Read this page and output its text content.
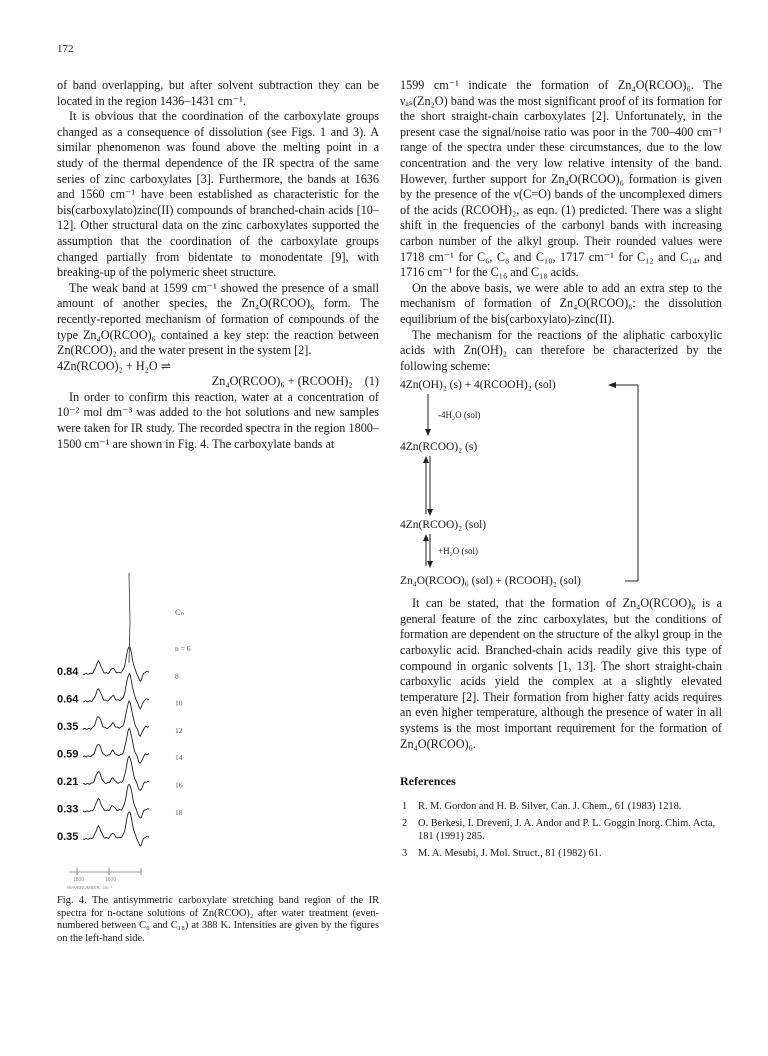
172

of band overlapping, but after solvent subtraction they can be located in the region 1436–1431 cm⁻¹.

It is obvious that the coordination of the carboxylate groups changed as a consequence of dissolution (see Figs. 1 and 3). A similar phenomenon was found above the melting point in a study of the thermal dependence of the IR spectra of the same series of zinc carboxylates [3]. Furthermore, the bands at 1636 and 1560 cm⁻¹ have been established as characteristic for the bis(carboxylato)zinc(II) compounds of branched-chain acids [10–12]. Other structural data on the zinc carboxylates supported the assumption that the coordination of the carboxylate groups changed partially from bidentate to monodentate [9], with breaking-up of the polymeric sheet structure.

The weak band at 1599 cm⁻¹ showed the presence of a small amount of another species, the Zn₄O(RCOO)₆ form. The recently-reported mechanism of formation of compounds of the type Zn₄O(RCOO)₆ contained a key step: the reaction between Zn(RCOO)₂ and the water present in the system [2].

4Zn(RCOO)₂ + H₂O ⇌

Zn₄O(RCOO)₆ + (RCOOH)₂ (1)

In order to confirm this reaction, water at a concentration of 10⁻² mol dm⁻³ was added to the hot solutions and new samples were taken for IR study. The recorded spectra in the region 1800–1500 cm⁻¹ are shown in Fig. 4. The carboxylate bands at

0.84
0.64
0.35
0.59
0.21
0.33
0.35
n = 6
8
10
12
14
16
18
Cₙ
1800	1600
WAVENUMBER, cm⁻¹
Fig. 4. The antisymmetric carboxylate stretching band region of the IR spectra for n-octane solutions of Zn(RCOO)₂ after water treatment (even-numbered between C₆ and C₁₈) at 388 K. Intensities are given by the figures on the left-hand side.

1599 cm⁻¹ indicate the formation of Zn₄O(RCOO)₆. The νₐₛ(Zn₂O) band was the most significant proof of its formation for the short straight-chain carboxylates [2]. Unfortunately, in the present case the signal/noise ratio was poor in the 700–400 cm⁻¹ range of the spectra under these circumstances, due to the low concentration and the very low relative intensity of the band. However, further support for Zn₄O(RCOO)₆ formation is given by the presence of the ν(C=O) bands of the uncomplexed dimers of the acids (RCOOH)₂, as eqn. (1) predicted. There was a slight shift in the frequencies of the carbonyl bands with increasing carbon number of the alkyl group. Their rounded values were 1718 cm⁻¹ for C₆, C₈ and C₁₀, 1717 cm⁻¹ for C₁₂ and C₁₄, and 1716 cm⁻¹ for the C₁₆ and C₁₈ acids.

On the above basis, we were able to add an extra step to the mechanism of formation of Zn₄O(RCOO)₆: the dissolution equilibrium of the bis(carboxylato)-zinc(II).

The mechanism for the reactions of the aliphatic carboxylic acids with Zn(OH)₂ can therefore be characterized by the following scheme:

4Zn(OH)₂ (s) + 4(RCOOH)₂ (sol)
-4H₂O (sol)
4Zn(RCOO)₂ (s)
4Zn(RCOO)₂ (sol)
+H₂O (sol)
Zn₄O(RCOO)₆ (sol) + (RCOOH)₂ (sol)

It can be stated, that the formation of Zn₄O(RCOO)₆ is a general feature of the zinc carboxylates, but the conditions of formation are dependent on the structure of the alkyl group in the carboxylic acid. Branched-chain acids readily give this type of compound in organic solvents [1, 13]. The short straight-chain carboxylic acids yield the complex at a slightly elevated temperature [2]. Their formation from higher fatty acids requires an even higher temperature, although the presence of water in all systems is the most important requirement for the formation of Zn₄O(RCOO)₆.

References
1 R. M. Gordon and H. B. Silver, Can. J. Chem., 61 (1983) 1218.
2 O. Berkesi, I. Dreveni, J. A. Andor and P. L. Goggin Inorg. Chim. Acta, 181 (1991) 285.
3 M. A. Mesubi, J. Mol. Struct., 81 (1982) 61.
